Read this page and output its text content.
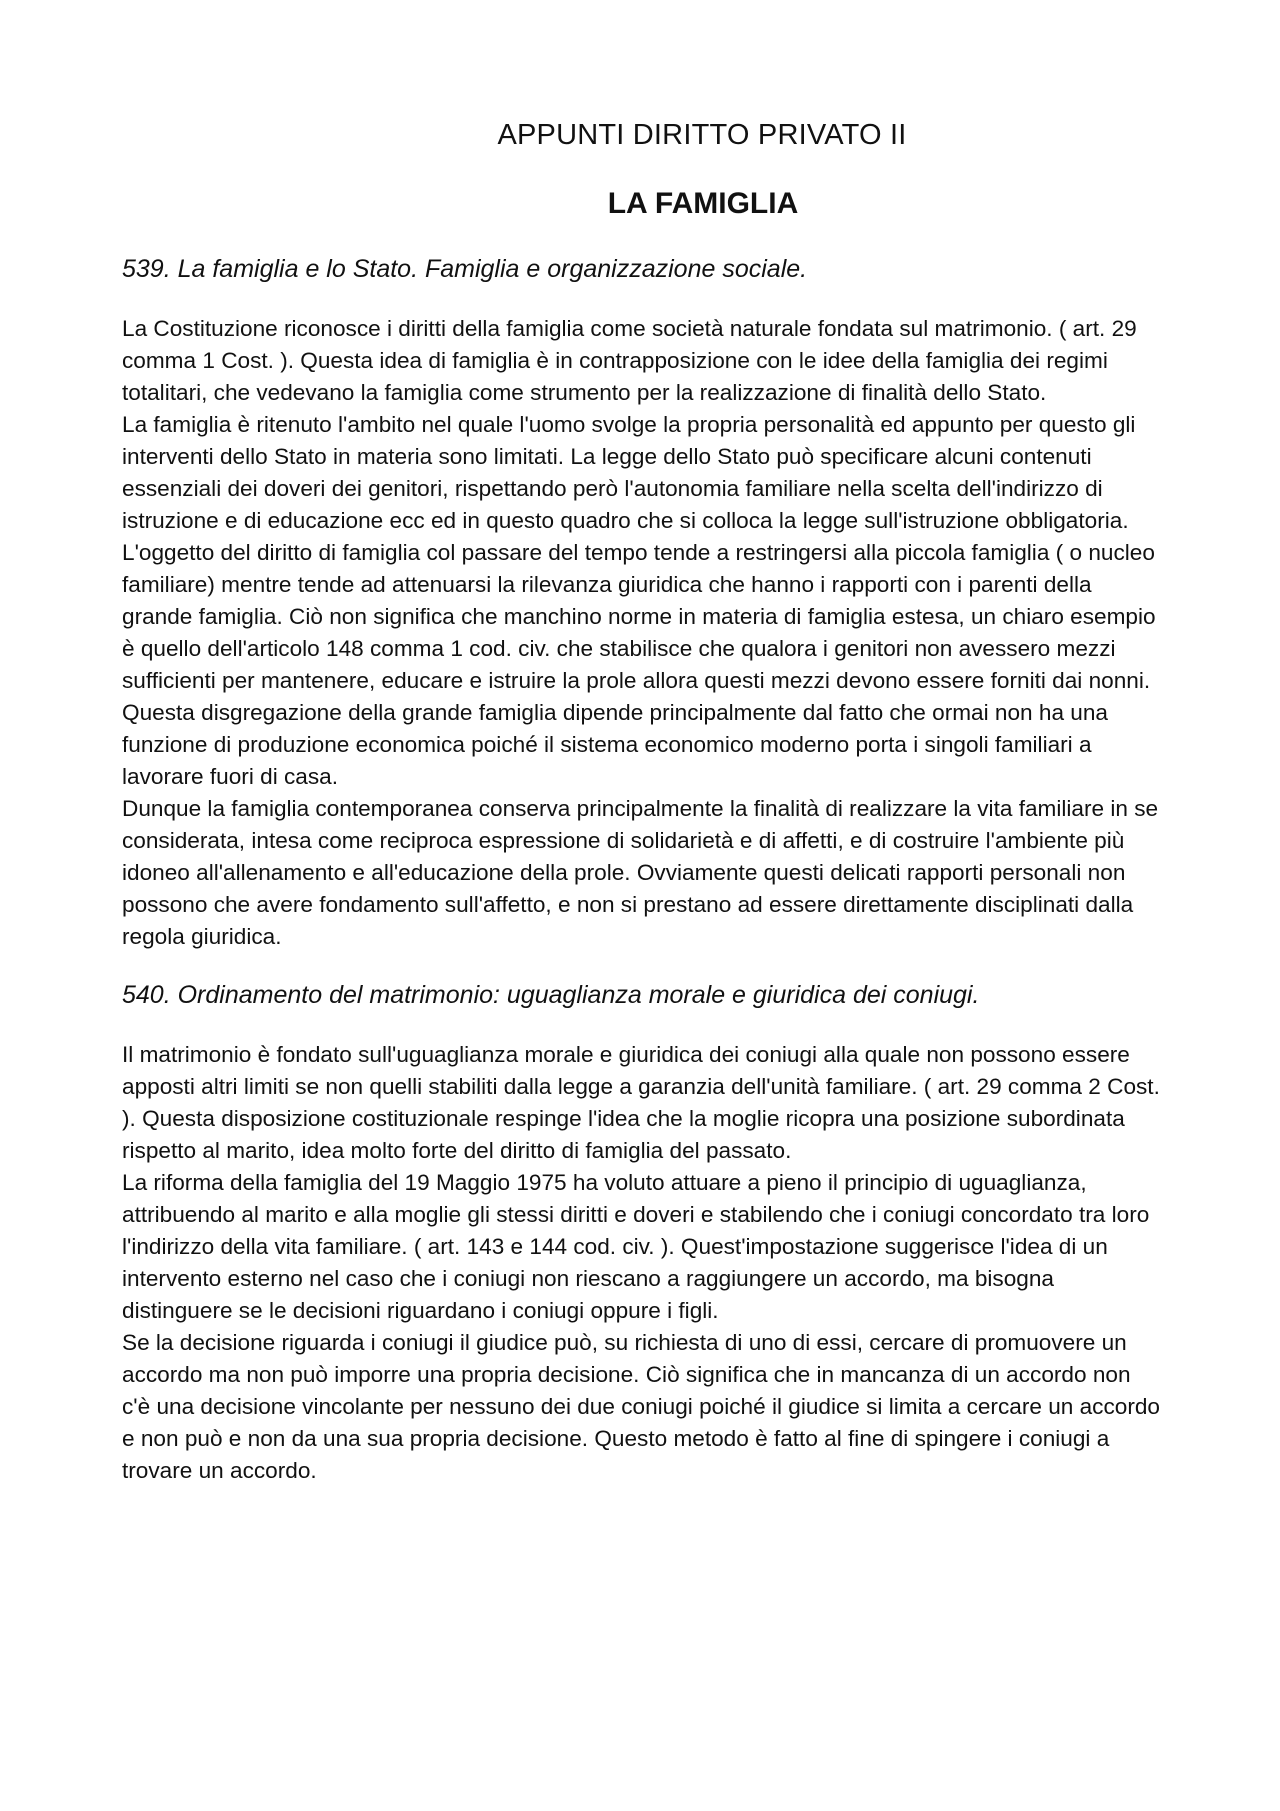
APPUNTI DIRITTO PRIVATO II
LA FAMIGLIA
539. La famiglia e lo Stato. Famiglia e organizzazione sociale.

La Costituzione riconosce i diritti della famiglia come società naturale fondata sul matrimonio. ( art. 29 comma 1 Cost. ). Questa idea di famiglia è in contrapposizione con le idee della famiglia dei regimi totalitari, che vedevano la famiglia come strumento per la realizzazione di finalità dello Stato.

La famiglia è ritenuto l'ambito nel quale l'uomo svolge la propria personalità ed appunto per questo gli interventi dello Stato in materia sono limitati. La legge dello Stato può specificare alcuni contenuti essenziali dei doveri dei genitori, rispettando però l'autonomia familiare nella scelta dell'indirizzo di istruzione e di educazione ecc ed in questo quadro che si colloca la legge sull'istruzione obbligatoria.

L'oggetto del diritto di famiglia col passare del tempo tende a restringersi alla piccola famiglia ( o nucleo familiare) mentre tende ad attenuarsi la rilevanza giuridica che hanno i rapporti con i parenti della grande famiglia. Ciò non significa che manchino norme in materia di famiglia estesa, un chiaro esempio è quello dell'articolo 148 comma 1 cod. civ. che stabilisce che qualora i genitori non avessero mezzi sufficienti per mantenere, educare e istruire la prole allora questi mezzi devono essere forniti dai nonni. Questa disgregazione della grande famiglia dipende principalmente dal fatto che ormai non ha una funzione di produzione economica poiché il sistema economico moderno porta i singoli familiari a lavorare fuori di casa.

Dunque la famiglia contemporanea conserva principalmente la finalità di realizzare la vita familiare in se considerata, intesa come reciproca espressione di solidarietà e di affetti, e di costruire l'ambiente più idoneo all'allenamento e all'educazione della prole. Ovviamente questi delicati rapporti personali non possono che avere fondamento sull'affetto, e non si prestano ad essere direttamente disciplinati dalla regola giuridica.

540. Ordinamento del matrimonio: uguaglianza morale e giuridica dei coniugi.

Il matrimonio è fondato sull'uguaglianza morale e giuridica dei coniugi alla quale non possono essere apposti altri limiti se non quelli stabiliti dalla legge a garanzia dell'unità familiare. ( art. 29 comma 2 Cost. ). Questa disposizione costituzionale respinge l'idea che la moglie ricopra una posizione subordinata rispetto al marito, idea molto forte del diritto di famiglia del passato.

La riforma della famiglia del 19 Maggio 1975 ha voluto attuare a pieno il principio di uguaglianza, attribuendo al marito e alla moglie gli stessi diritti e doveri e stabilendo che i coniugi concordato tra loro l'indirizzo della vita familiare. ( art. 143 e 144 cod. civ. ). Quest'impostazione suggerisce l'idea di un intervento esterno nel caso che i coniugi non riescano a raggiungere un accordo, ma bisogna distinguere se le decisioni riguardano i coniugi oppure i figli.

Se la decisione riguarda i coniugi il giudice può, su richiesta di uno di essi, cercare di promuovere un accordo ma non può imporre una propria decisione. Ciò significa che in mancanza di un accordo non c'è una decisione vincolante per nessuno dei due coniugi poiché il giudice si limita a cercare un accordo e non può e non da una sua propria decisione. Questo metodo è fatto al fine di spingere i coniugi a trovare un accordo.
